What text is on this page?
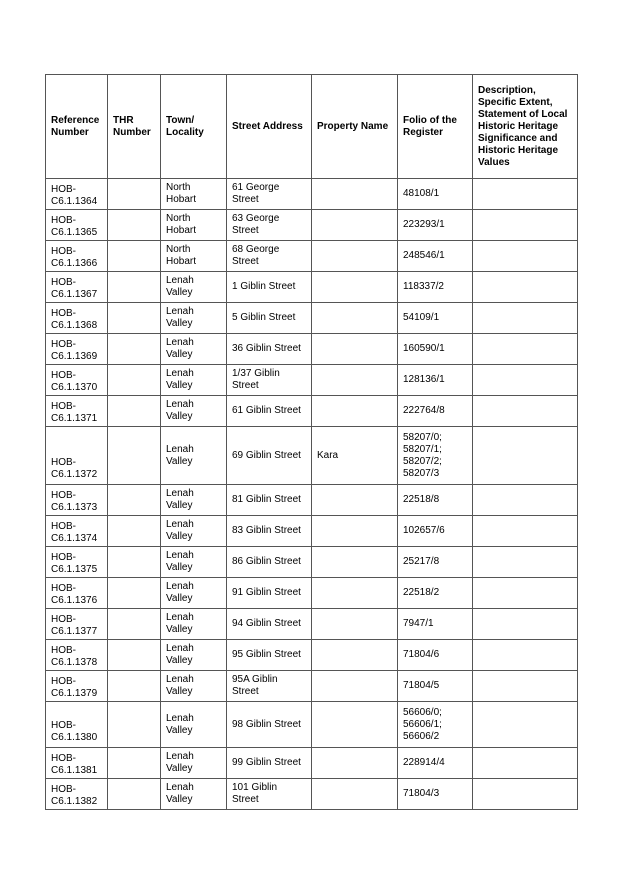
Reference Number	THR Number	Town/ Locality	Street Address	Property Name	Folio of the Register	Description, Specific Extent, Statement of Local Historic Heritage Significance and Historic Heritage Values

HOB-
C6.1.1364		North Hobart	61 George Street		48108/1	

HOB-
C6.1.1365		North Hobart	63 George Street		223293/1	

HOB-
C6.1.1366		North Hobart	68 George Street		248546/1	

HOB-
C6.1.1367		Lenah Valley	1 Giblin Street		118337/2	

HOB-
C6.1.1368		Lenah Valley	5 Giblin Street		54109/1	

HOB-
C6.1.1369		Lenah Valley	36 Giblin Street		160590/1	

HOB-
C6.1.1370		Lenah Valley	1/37 Giblin Street		128136/1	

HOB-
C6.1.1371		Lenah Valley	61 Giblin Street		222764/8	

HOB-
C6.1.1372		Lenah Valley	69 Giblin Street	Kara	58207/0; 58207/1; 58207/2; 58207/3	

HOB-
C6.1.1373		Lenah Valley	81 Giblin Street		22518/8	

HOB-
C6.1.1374		Lenah Valley	83 Giblin Street		102657/6	

HOB-
C6.1.1375		Lenah Valley	86 Giblin Street		25217/8	

HOB-
C6.1.1376		Lenah Valley	91 Giblin Street		22518/2	

HOB-
C6.1.1377		Lenah Valley	94 Giblin Street		7947/1	

HOB-
C6.1.1378		Lenah Valley	95 Giblin Street		71804/6	

HOB-
C6.1.1379		Lenah Valley	95A Giblin Street		71804/5	

HOB-
C6.1.1380		Lenah Valley	98 Giblin Street		56606/0; 56606/1; 56606/2	

HOB-
C6.1.1381		Lenah Valley	99 Giblin Street		228914/4	

HOB-
C6.1.1382		Lenah Valley	101 Giblin Street		71804/3	
